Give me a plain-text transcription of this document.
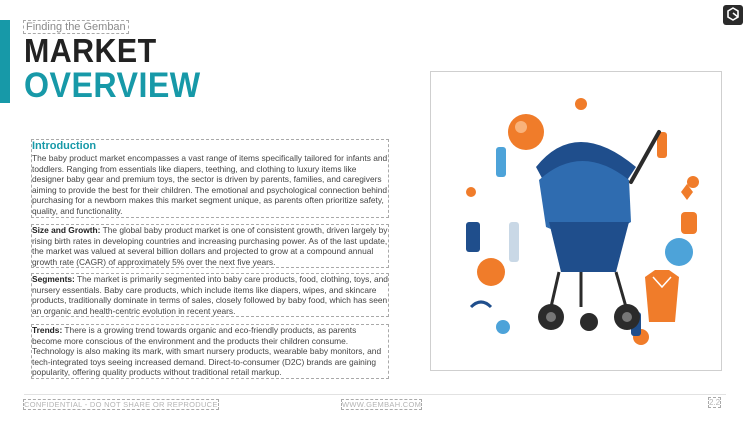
Finding the Gemban
MARKET
OVERVIEW
Introduction
The baby product market encompasses a vast range of items specifically tailored for infants and toddlers. Ranging from essentials like diapers, teething, and clothing to luxury items like designer baby gear and premium toys, the sector is driven by parents, families, and caregivers aiming to provide the best for their children. The emotional and psychological connection behind purchasing for a newborn makes this market segment unique, as parents often prioritize safety, quality, and functionality.
Size and Growth: The global baby product market is one of consistent growth, driven largely by rising birth rates in developing countries and increasing purchasing power. As of the last update, the market was valued at several billion dollars and projected to grow at a compound annual growth rate (CAGR) of approximately 5% over the next five years.
Segments: The market is primarily segmented into baby care products, food, clothing, toys, and nursery essentials. Baby care products, which include items like diapers, wipes, and skincare products, traditionally dominate in terms of sales, closely followed by baby food, which has seen an organic and health-centric evolution in recent years.
Trends: There is a growing trend towards organic and eco-friendly products, as parents become more conscious of the environment and the products their children consume. Technology is also making its mark, with smart nursery products, wearable baby monitors, and tech-integrated toys seeing increased demand. Direct-to-consumer (D2C) brands are gaining popularity, offering quality products without traditional retail markup.
CONFIDENTIAL - DO NOT SHARE OR REPRODUCE	WWW.GEMBAH.COM	2.2
